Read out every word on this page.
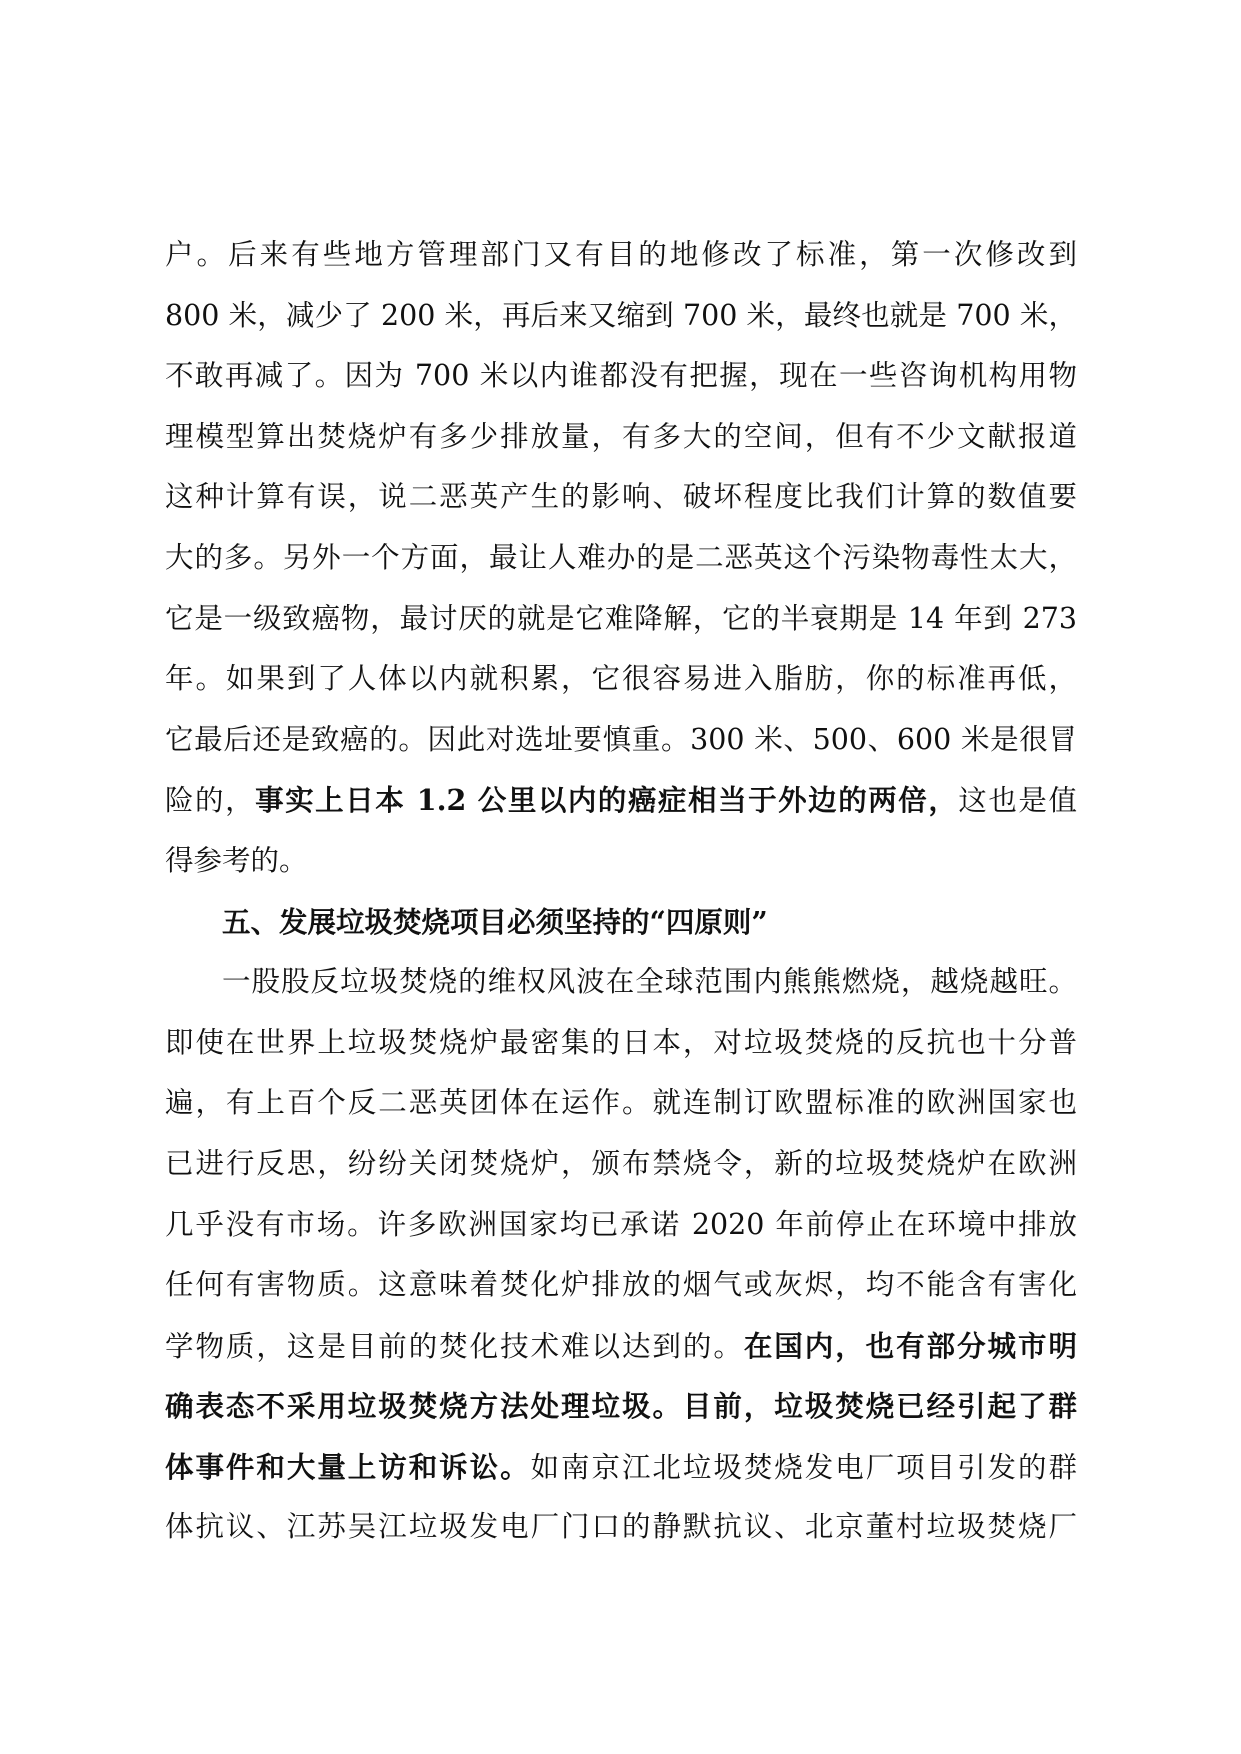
户。后来有些地方管理部门又有目的地修改了标准，第一次修改到
800 米，减少了 200 米，再后来又缩到 700 米，最终也就是 700 米，
不敢再减了。因为 700 米以内谁都没有把握，现在一些咨询机构用物
理模型算出焚烧炉有多少排放量，有多大的空间，但有不少文献报道
这种计算有误，说二恶英产生的影响、破坏程度比我们计算的数值要
大的多。另外一个方面，最让人难办的是二恶英这个污染物毒性太大，
它是一级致癌物，最讨厌的就是它难降解，它的半衰期是 14 年到 273
年。如果到了人体以内就积累，它很容易进入脂肪，你的标准再低，
它最后还是致癌的。因此对选址要慎重。300 米、500、600 米是很冒
险的，事实上日本 1.2 公里以内的癌症相当于外边的两倍，这也是值
得参考的。
五、发展垃圾焚烧项目必须坚持的“四原则”
一股股反垃圾焚烧的维权风波在全球范围内熊熊燃烧，越烧越旺。
即使在世界上垃圾焚烧炉最密集的日本，对垃圾焚烧的反抗也十分普
遍，有上百个反二恶英团体在运作。就连制订欧盟标准的欧洲国家也
已进行反思，纷纷关闭焚烧炉，颁布禁烧令，新的垃圾焚烧炉在欧洲
几乎没有市场。许多欧洲国家均已承诺 2020 年前停止在环境中排放
任何有害物质。这意味着焚化炉排放的烟气或灰烬，均不能含有害化
学物质，这是目前的焚化技术难以达到的。在国内，也有部分城市明
确表态不采用垃圾焚烧方法处理垃圾。目前，垃圾焚烧已经引起了群
体事件和大量上访和诉讼。如南京江北垃圾焚烧发电厂项目引发的群
体抗议、江苏吴江垃圾发电厂门口的静默抗议、北京董村垃圾焚烧厂
